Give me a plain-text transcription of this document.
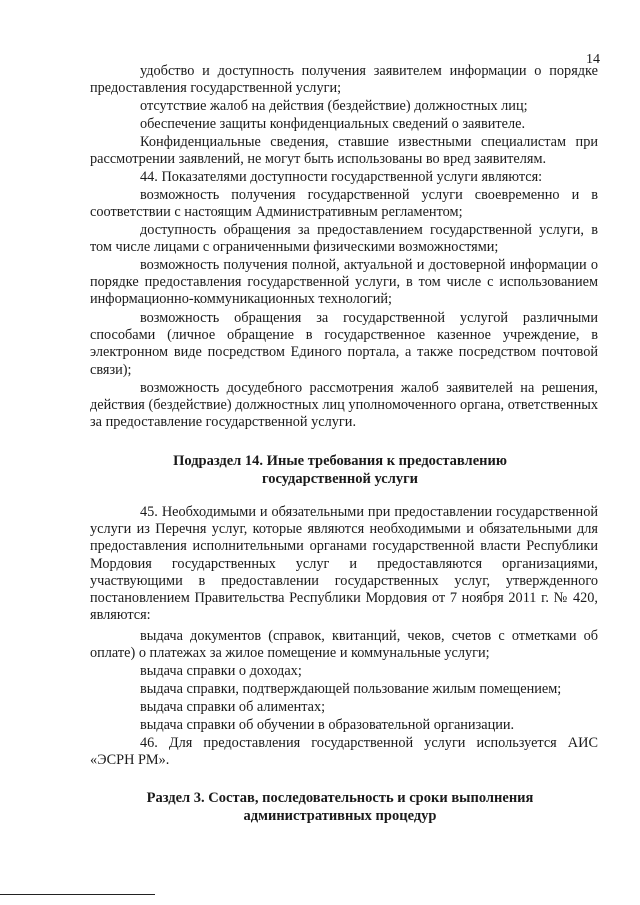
14
удобство и доступность получения заявителем информации о порядке предоставления государственной услуги;
отсутствие жалоб на действия (бездействие) должностных лиц;
обеспечение защиты конфиденциальных сведений о заявителе.
Конфиденциальные сведения, ставшие известными специалистам при рассмотрении заявлений, не могут быть использованы во вред заявителям.
44. Показателями доступности государственной услуги являются:
возможность получения государственной услуги своевременно и в соответствии с настоящим Административным регламентом;
доступность обращения за предоставлением государственной услуги, в том числе лицами с ограниченными физическими возможностями;
возможность получения полной, актуальной и достоверной информации о порядке предоставления государственной услуги, в том числе с использованием информационно-коммуникационных технологий;
возможность обращения за государственной услугой различными способами (личное обращение в государственное казенное учреждение, в электронном виде посредством Единого портала, а также посредством почтовой связи);
возможность досудебного рассмотрения жалоб заявителей на решения, действия (бездействие) должностных лиц уполномоченного органа, ответственных за предоставление государственной услуги.
Подраздел 14. Иные требования к предоставлению государственной услуги
45. Необходимыми и обязательными при предоставлении государственной услуги из Перечня услуг, которые являются необходимыми и обязательными для предоставления исполнительными органами государственной власти Республики Мордовия государственных услуг и предоставляются организациями, участвующими в предоставлении государственных услуг, утвержденного постановлением Правительства Республики Мордовия от 7 ноября 2011 г. № 420, являются:
выдача документов (справок, квитанций, чеков, счетов с отметками об оплате) о платежах за жилое помещение и коммунальные услуги;
выдача справки о доходах;
выдача справки, подтверждающей пользование жилым помещением;
выдача справки об алиментах;
выдача справки об обучении в образовательной организации.
46. Для предоставления государственной услуги используется АИС «ЭСРН РМ».
Раздел 3. Состав, последовательность и сроки выполнения административных процедур
